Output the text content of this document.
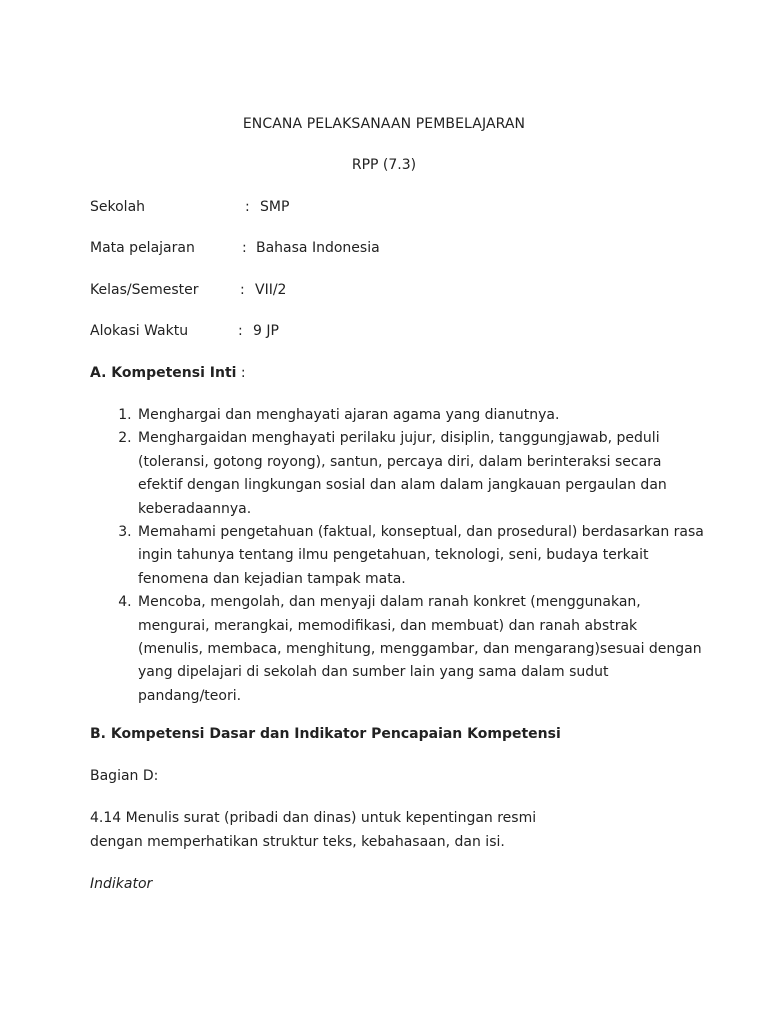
ENCANA PELAKSANAAN PEMBELAJARAN
RPP (7.3)
Sekolah	: SMP
Mata pelajaran	: Bahasa Indonesia
Kelas/Semester	: VII/2
Alokasi Waktu	: 9 JP
A. Kompetensi Inti :
1. Menghargai dan menghayati ajaran agama yang dianutnya.
2. Menghargaidan menghayati perilaku jujur, disiplin, tanggungjawab, peduli (toleransi, gotong royong), santun, percaya diri, dalam berinteraksi secara efektif dengan lingkungan sosial dan alam dalam jangkauan pergaulan dan keberadaannya.
3. Memahami pengetahuan (faktual, konseptual, dan prosedural) berdasarkan rasa ingin tahunya tentang ilmu pengetahuan, teknologi, seni, budaya terkait fenomena dan kejadian tampak mata.
4. Mencoba, mengolah, dan menyaji dalam ranah konkret (menggunakan, mengurai, merangkai, memodifikasi, dan membuat) dan ranah abstrak (menulis, membaca, menghitung, menggambar, dan mengarang)sesuai dengan yang dipelajari di sekolah dan sumber lain yang sama dalam sudut pandang/teori.
B. Kompetensi Dasar dan Indikator Pencapaian Kompetensi
Bagian D:
4.14 Menulis surat (pribadi dan dinas) untuk kepentingan resmi dengan memperhatikan struktur teks, kebahasaan, dan isi.
Indikator
